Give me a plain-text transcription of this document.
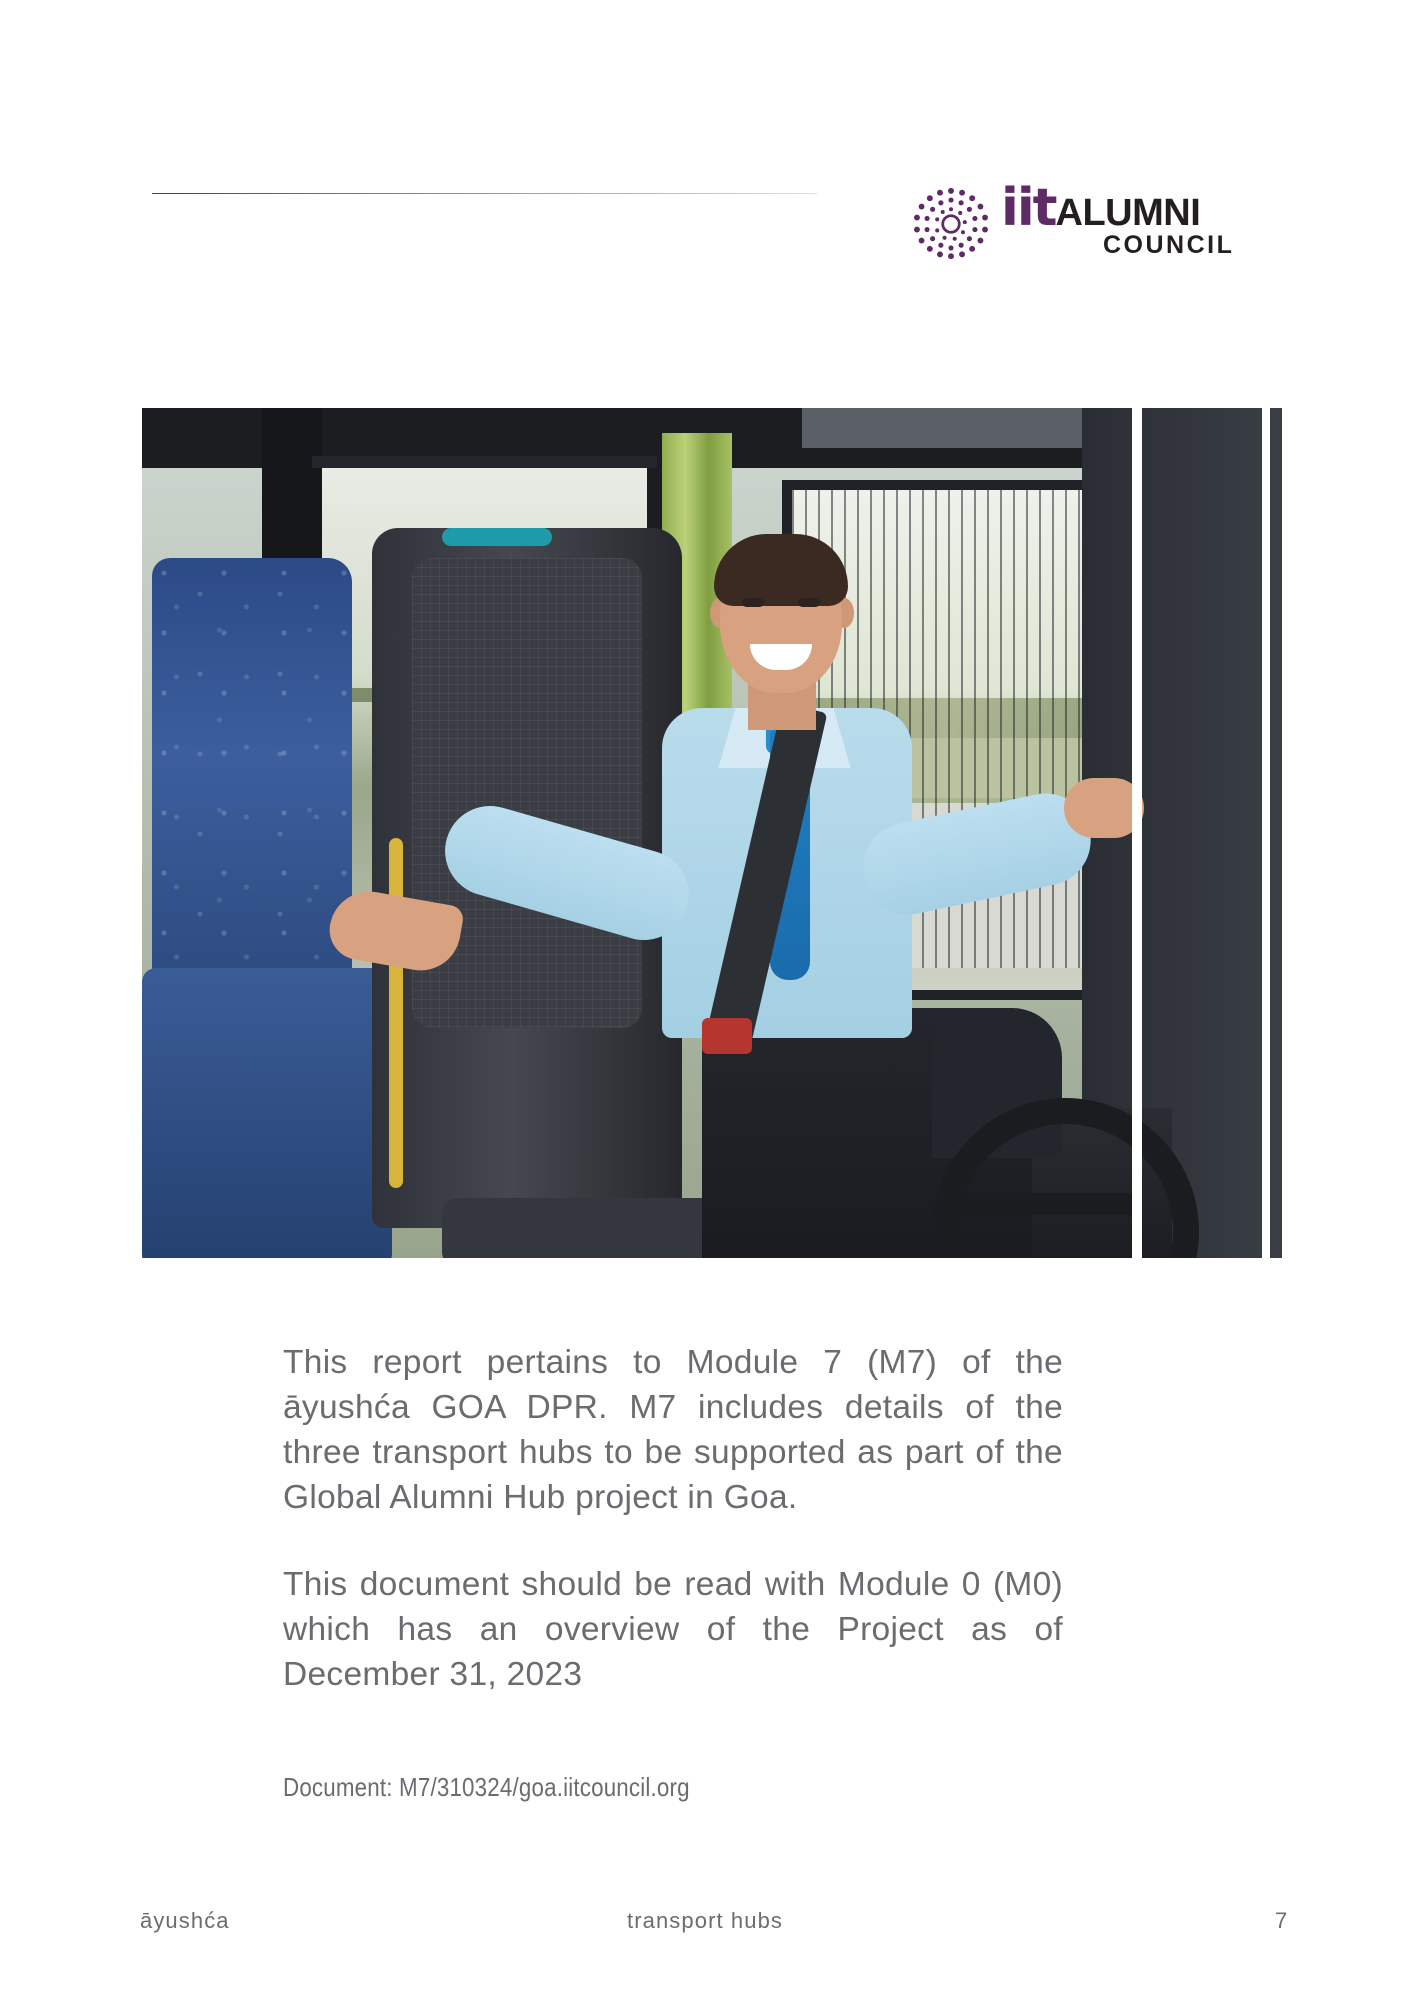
iitALUMNI
COUNCIL

This report pertains to Module 7 (M7) of the āyushća GOA DPR. M7 includes details of the three transport hubs to be supported as part of the Global Alumni Hub project in Goa.

This document should be read with Module 0 (M0) which has an overview of the Project as of December 31, 2023

Document: M7/310324/goa.iitcouncil.org
āyushća	transport hubs	7
